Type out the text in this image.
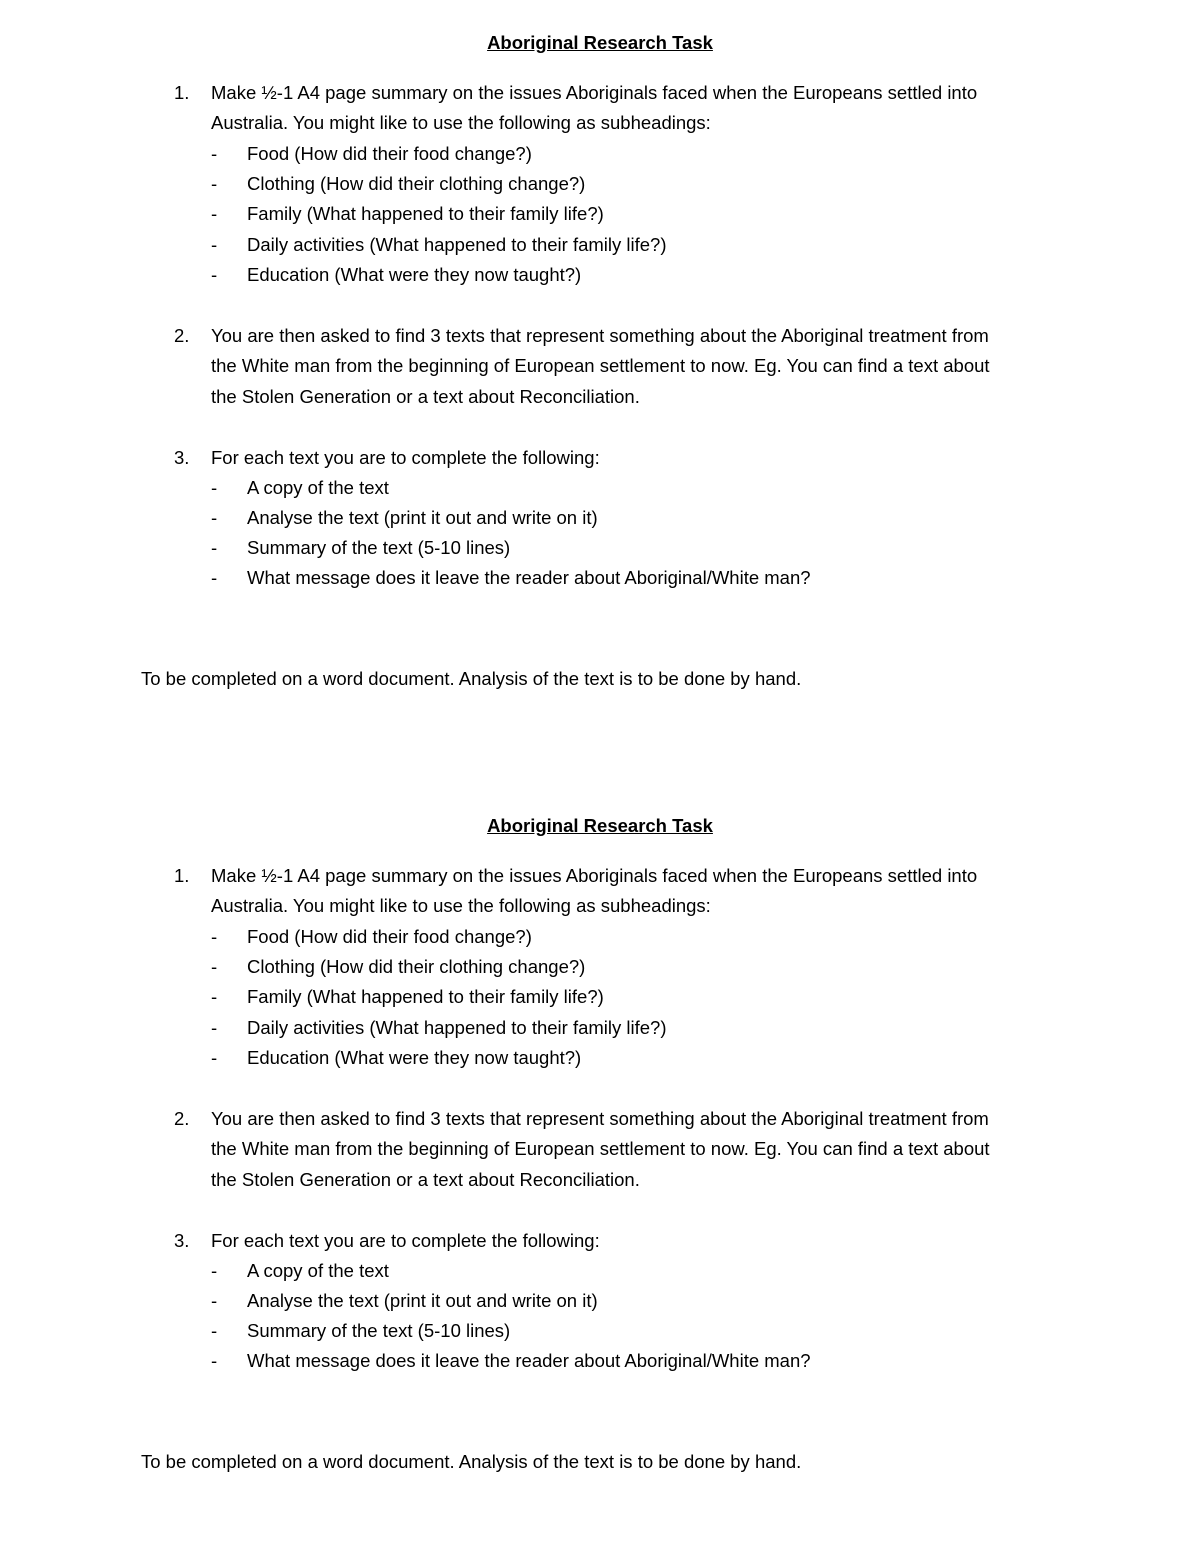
Aboriginal Research Task
1. Make ½-1 A4 page summary on the issues Aboriginals faced when the Europeans settled into
Australia. You might like to use the following as subheadings:
- Food (How did their food change?)
- Clothing (How did their clothing change?)
- Family (What happened to their family life?)
- Daily activities (What happened to their family life?)
- Education (What were they now taught?)
2. You are then asked to find 3 texts that represent something about the Aboriginal treatment from
the White man from the beginning of European settlement to now. Eg. You can find a text about
the Stolen Generation or a text about Reconciliation.
3. For each text you are to complete the following:
- A copy of the text
- Analyse the text (print it out and write on it)
- Summary of the text (5-10 lines)
- What message does it leave the reader about Aboriginal/White man?
To be completed on a word document. Analysis of the text is to be done by hand.
Aboriginal Research Task
1. Make ½-1 A4 page summary on the issues Aboriginals faced when the Europeans settled into
Australia. You might like to use the following as subheadings:
- Food (How did their food change?)
- Clothing (How did their clothing change?)
- Family (What happened to their family life?)
- Daily activities (What happened to their family life?)
- Education (What were they now taught?)
2. You are then asked to find 3 texts that represent something about the Aboriginal treatment from
the White man from the beginning of European settlement to now. Eg. You can find a text about
the Stolen Generation or a text about Reconciliation.
3. For each text you are to complete the following:
- A copy of the text
- Analyse the text (print it out and write on it)
- Summary of the text (5-10 lines)
- What message does it leave the reader about Aboriginal/White man?
To be completed on a word document. Analysis of the text is to be done by hand.
